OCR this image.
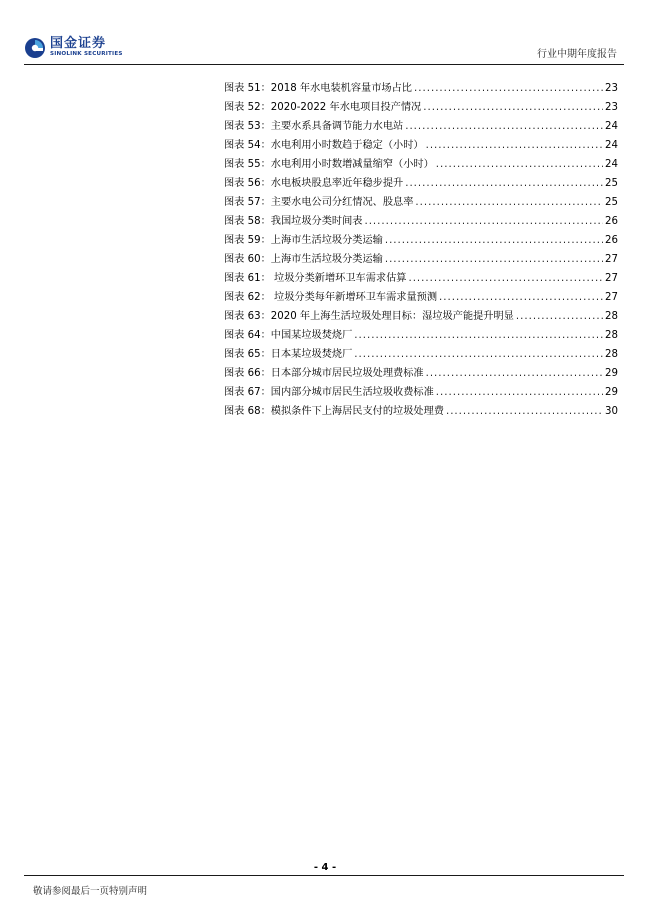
国金证券
SINOLINK SECURITIES	行业中期年度报告
图表 51：2018 年水电装机容量市场占比 .....	23
图表 52：2020-2022 年水电项目投产情况 .....	23
图表 53：主要水系具备调节能力水电站 .....	24
图表 54：水电利用小时数趋于稳定（小时） .....	24
图表 55：水电利用小时数增减量缩窄（小时） .....	24
图表 56：水电板块股息率近年稳步提升 .....	25
图表 57：主要水电公司分红情况、股息率 .....	25
图表 58：我国垃圾分类时间表 .....	26
图表 59：上海市生活垃圾分类运输 .....	26
图表 60：上海市生活垃圾分类运输 .....	27
图表 61： 垃圾分类新增环卫车需求估算 .....	27
图表 62： 垃圾分类每年新增环卫车需求量预测 .....	27
图表 63：2020 年上海生活垃圾处理目标：湿垃圾产能提升明显 .....	28
图表 64：中国某垃圾焚烧厂 .....	28
图表 65：日本某垃圾焚烧厂 .....	28
图表 66：日本部分城市居民垃圾处理费标准 .....	29
图表 67：国内部分城市居民生活垃圾收费标准 .....	29
图表 68：模拟条件下上海居民支付的垃圾处理费 .....	30
- 4 -
敬请参阅最后一页特别声明
